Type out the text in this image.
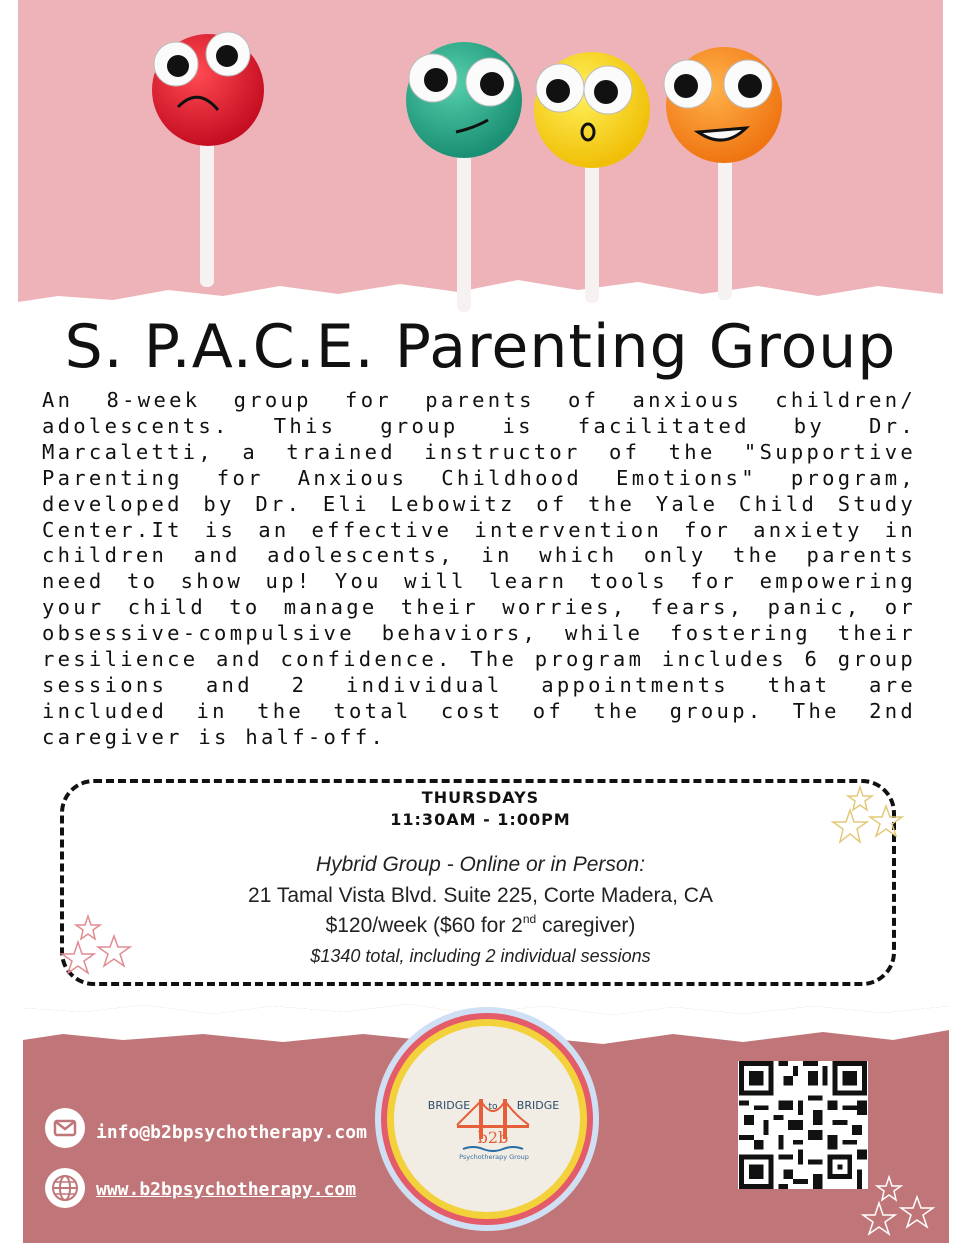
S. P.A.C.E. Parenting Group

An 8-week group for parents of anxious children/ adolescents. This group is facilitated by Dr. Marcaletti, a trained instructor of the "Supportive Parenting for Anxious Childhood Emotions" program, developed by Dr. Eli Lebowitz of the Yale Child Study Center.It is an effective intervention for anxiety in children and adolescents, in which only the parents need to show up! You will learn tools for empowering your child to manage their worries, fears, panic, or obsessive-compulsive behaviors, while fostering their resilience and confidence. The program includes 6 group sessions and 2 individual appointments that are included in the total cost of the group. The 2nd caregiver is half-off.

THURSDAYS
11:30AM - 1:00PM
Hybrid Group - Online or in Person:
21 Tamal Vista Blvd. Suite 225, Corte Madera, CA
$120/week ($60 for 2nd caregiver)
$1340 total, including 2 individual sessions
info@b2bpsychotherapy.com
www.b2bpsychotherapy.com
BRIDGE to BRIDGE
b2b
Psychotherapy Group
